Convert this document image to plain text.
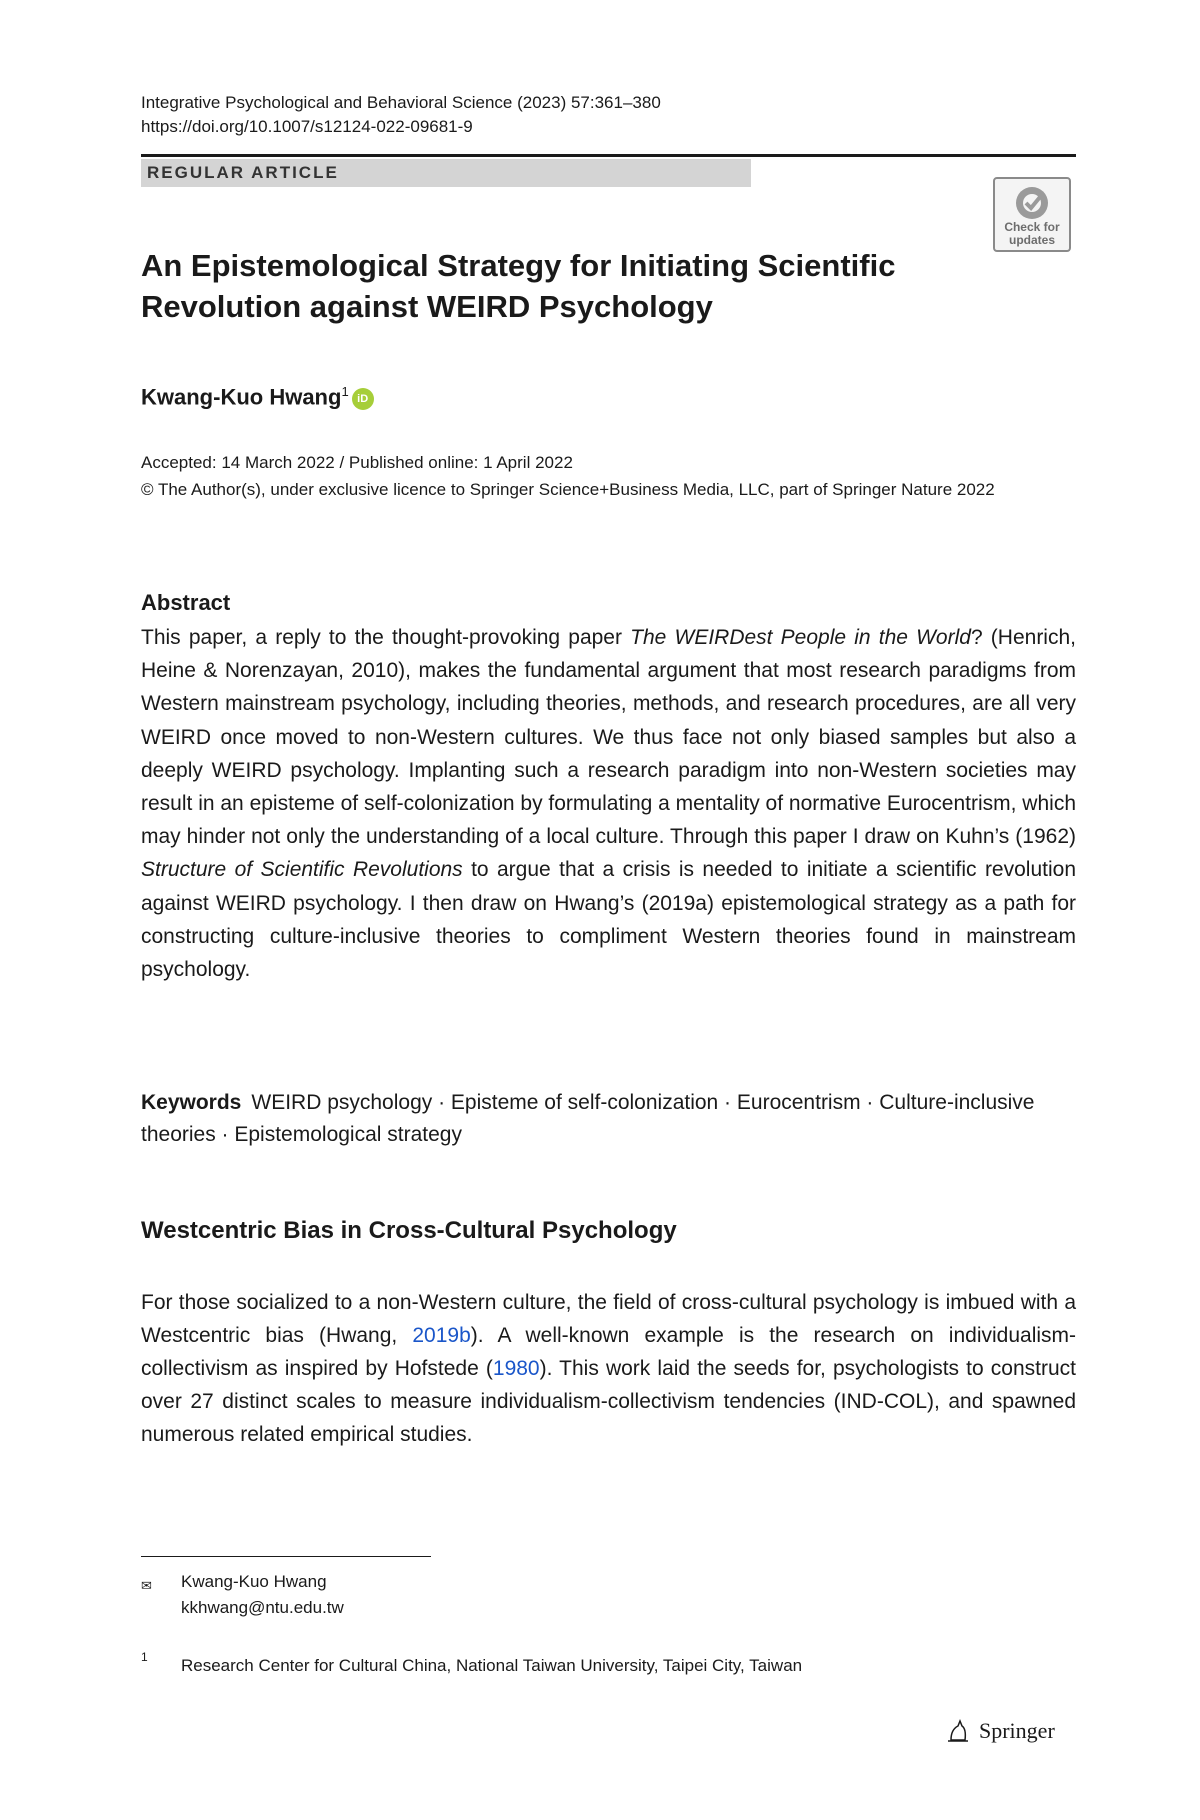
Integrative Psychological and Behavioral Science (2023) 57:361–380
https://doi.org/10.1007/s12124-022-09681-9
REGULAR ARTICLE
Check for updates
An Epistemological Strategy for Initiating Scientific Revolution against WEIRD Psychology
Kwang-Kuo Hwang$^1$iD
Accepted: 14 March 2022 / Published online: 1 April 2022
© The Author(s), under exclusive licence to Springer Science+Business Media, LLC, part of Springer Nature 2022
Abstract
This paper, a reply to the thought-provoking paper The WEIRDest People in the World? (Henrich, Heine & Norenzayan, 2010), makes the fundamental argument that most research paradigms from Western mainstream psychology, including theories, methods, and research procedures, are all very WEIRD once moved to non-Western cultures. We thus face not only biased samples but also a deeply WEIRD psychology. Implanting such a research paradigm into non-Western societies may result in an episteme of self-colonization by formulating a mentality of normative Eurocentrism, which may hinder not only the understanding of a local culture. Through this paper I draw on Kuhn’s (1962) Structure of Scientific Revolutions to argue that a crisis is needed to initiate a scientific revolution against WEIRD psychology. I then draw on Hwang’s (2019a) epistemological strategy as a path for constructing culture-inclusive theories to compliment Western theories found in mainstream psychology.
Keywords WEIRD psychology · Episteme of self-colonization · Eurocentrism · Culture-inclusive theories · Epistemological strategy
Westcentric Bias in Cross-Cultural Psychology
For those socialized to a non-Western culture, the field of cross-cultural psychology is imbued with a Westcentric bias (Hwang, 2019b). A well-known example is the research on individualism-collectivism as inspired by Hofstede (1980). This work laid the seeds for, psychologists to construct over 27 distinct scales to measure individualism-collectivism tendencies (IND-COL), and spawned numerous related empirical studies.
✉ Kwang-Kuo Hwang
kkhwang@ntu.edu.tw
1 Research Center for Cultural China, National Taiwan University, Taipei City, Taiwan
Springer
